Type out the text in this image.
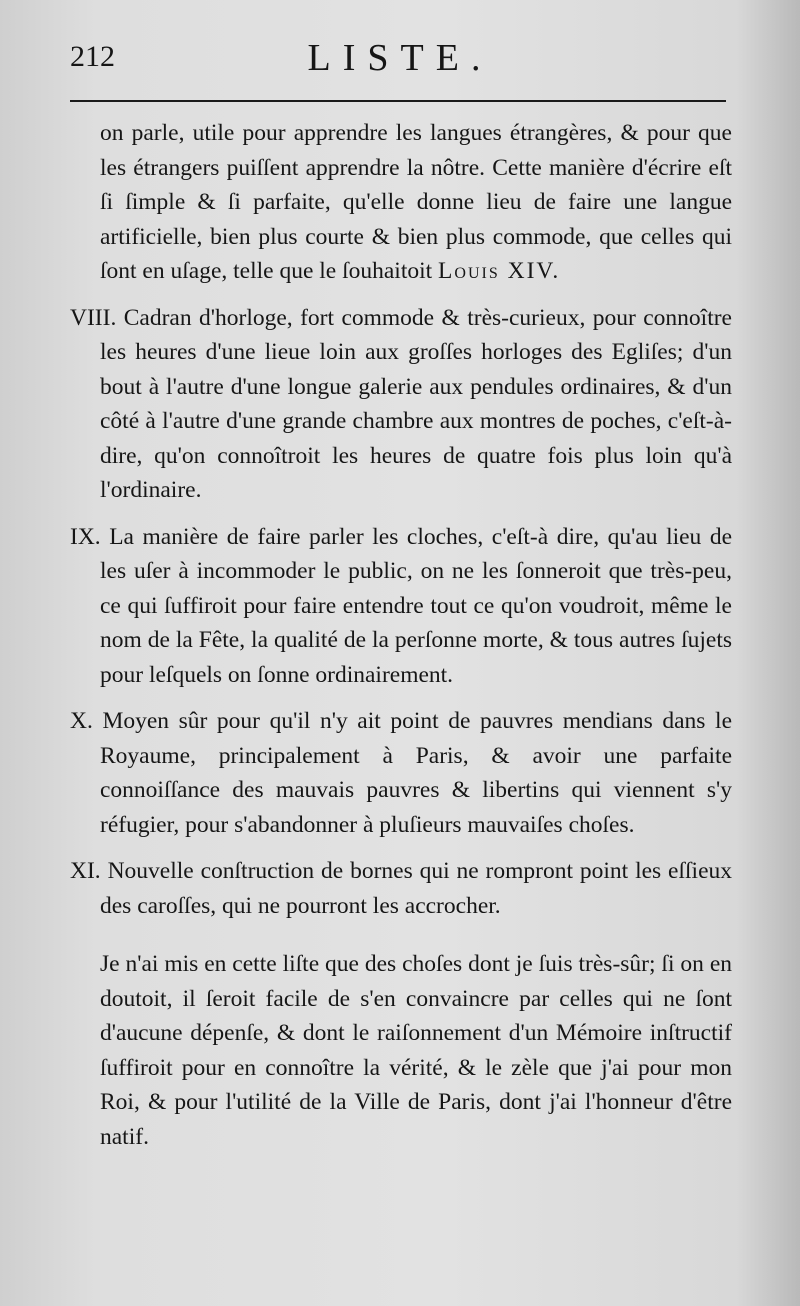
212	LISTE.

on parle, utile pour apprendre les langues étrangères, & pour que les étrangers puiſſent apprendre la nôtre. Cette manière d'écrire eſt ſi ſimple & ſi parfaite, qu'elle donne lieu de faire une langue artificielle, bien plus courte & bien plus commode, que celles qui ſont en uſage, telle que le ſouhaitoit Louis XIV.

VIII. Cadran d'horloge, fort commode & très-curieux, pour connoître les heures d'une lieue loin aux groſſes horloges des Egliſes; d'un bout à l'autre d'une longue galerie aux pendules ordinaires, & d'un côté à l'autre d'une grande chambre aux montres de poches, c'eſt-à-dire, qu'on connoîtroit les heures de quatre fois plus loin qu'à l'ordinaire.

IX. La manière de faire parler les cloches, c'eſt-à dire, qu'au lieu de les uſer à incommoder le public, on ne les ſonneroit que très-peu, ce qui ſuffiroit pour faire entendre tout ce qu'on voudroit, même le nom de la Fête, la qualité de la perſonne morte, & tous autres ſujets pour leſquels on ſonne ordinairement.

X. Moyen sûr pour qu'il n'y ait point de pauvres mendians dans le Royaume, principalement à Paris, & avoir une parfaite connoiſſance des mauvais pauvres & libertins qui viennent s'y réfugier, pour s'abandonner à pluſieurs mauvaiſes choſes.

XI. Nouvelle conſtruction de bornes qui ne rompront point les eſſieux des caroſſes, qui ne pourront les accrocher.

Je n'ai mis en cette liſte que des choſes dont je ſuis très-sûr; ſi on en doutoit, il ſeroit facile de s'en convaincre par celles qui ne ſont d'aucune dépenſe, & dont le raiſonnement d'un Mémoire inſtructif ſuffiroit pour en connoître la vérité, & le zèle que j'ai pour mon Roi, & pour l'utilité de la Ville de Paris, dont j'ai l'honneur d'être natif.
